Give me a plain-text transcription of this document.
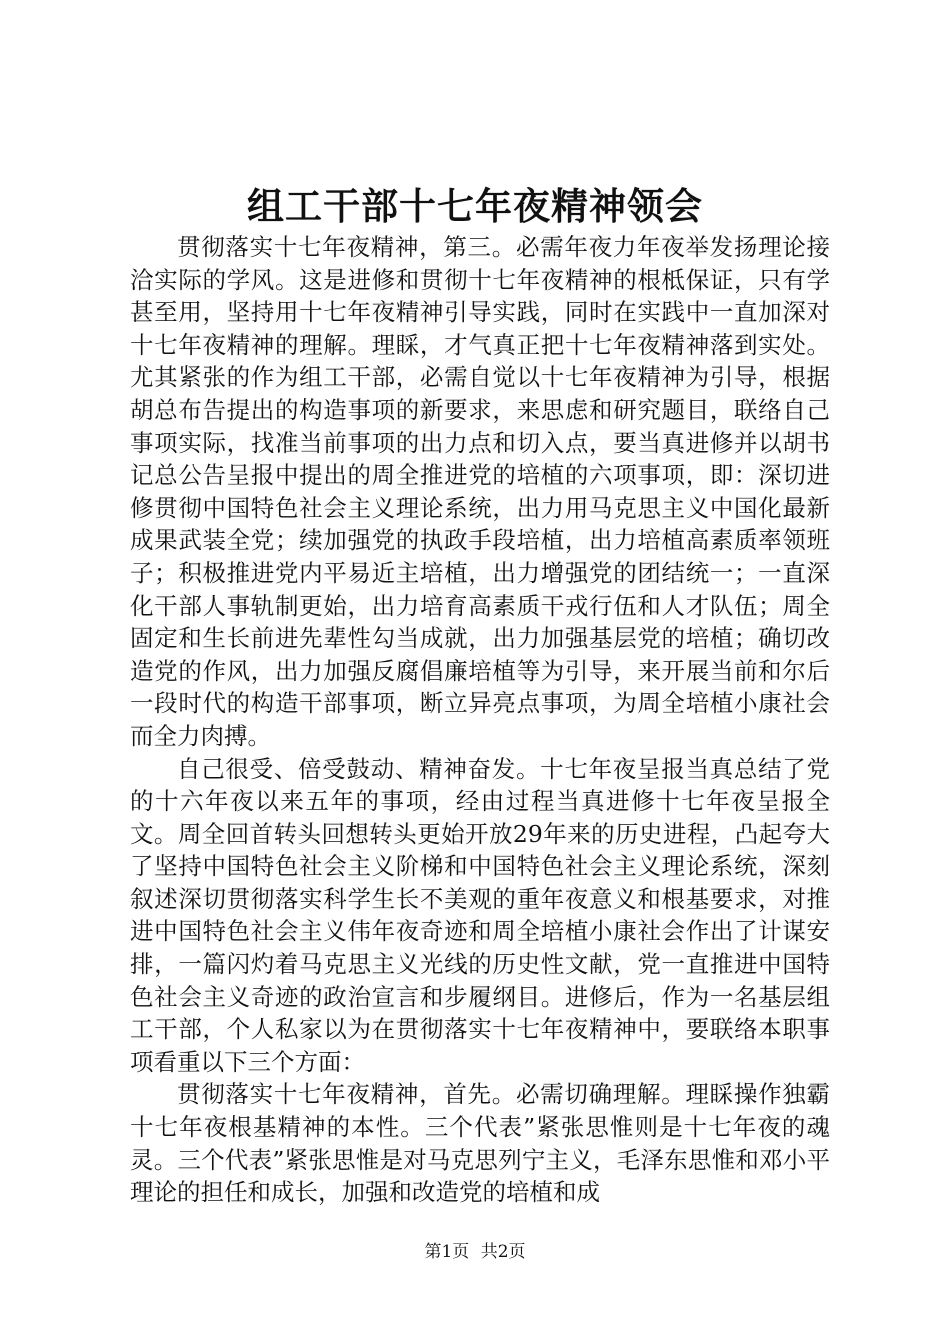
组工干部十七年夜精神领会

贯彻落实十七年夜精神，第三。必需年夜力年夜举发扬理论接洽实际的学风。这是进修和贯彻十七年夜精神的根柢保证，只有学甚至用，坚持用十七年夜精神引导实践，同时在实践中一直加深对十七年夜精神的理解。理睬，才气真正把十七年夜精神落到实处。尤其紧张的作为组工干部，必需自觉以十七年夜精神为引导，根据胡总布告提出的构造事项的新要求，来思虑和研究题目，联络自己事项实际，找准当前事项的出力点和切入点，要当真进修并以胡书记总公告呈报中提出的周全推进党的培植的六项事项，即：深切进修贯彻中国特色社会主义理论系统，出力用马克思主义中国化最新成果武装全党；续加强党的执政手段培植，出力培植高素质率领班子；积极推进党内平易近主培植，出力增强党的团结统一；一直深化干部人事轨制更始，出力培育高素质干戎行伍和人才队伍；周全固定和生长前进先辈性勾当成就，出力加强基层党的培植；确切改造党的作风，出力加强反腐倡廉培植等为引导，来开展当前和尔后一段时代的构造干部事项，断立异亮点事项，为周全培植小康社会而全力肉搏。

自己很受、倍受鼓动、精神奋发。十七年夜呈报当真总结了党的十六年夜以来五年的事项，经由过程当真进修十七年夜呈报全文。周全回首转头回想转头更始开放29年来的历史进程，凸起夸大了坚持中国特色社会主义阶梯和中国特色社会主义理论系统，深刻叙述深切贯彻落实科学生长不美观的重年夜意义和根基要求，对推进中国特色社会主义伟年夜奇迹和周全培植小康社会作出了计谋安排，一篇闪灼着马克思主义光线的历史性文献，党一直推进中国特色社会主义奇迹的政治宣言和步履纲目。进修后，作为一名基层组工干部，个人私家以为在贯彻落实十七年夜精神中，要联络本职事项看重以下三个方面：

贯彻落实十七年夜精神，首先。必需切确理解。理睬操作独霸十七年夜根基精神的本性。三个代表”紧张思惟则是十七年夜的魂灵。三个代表”紧张思惟是对马克思列宁主义，毛泽东思惟和邓小平理论的担任和成长，加强和改造党的培植和成

第1页 共2页
